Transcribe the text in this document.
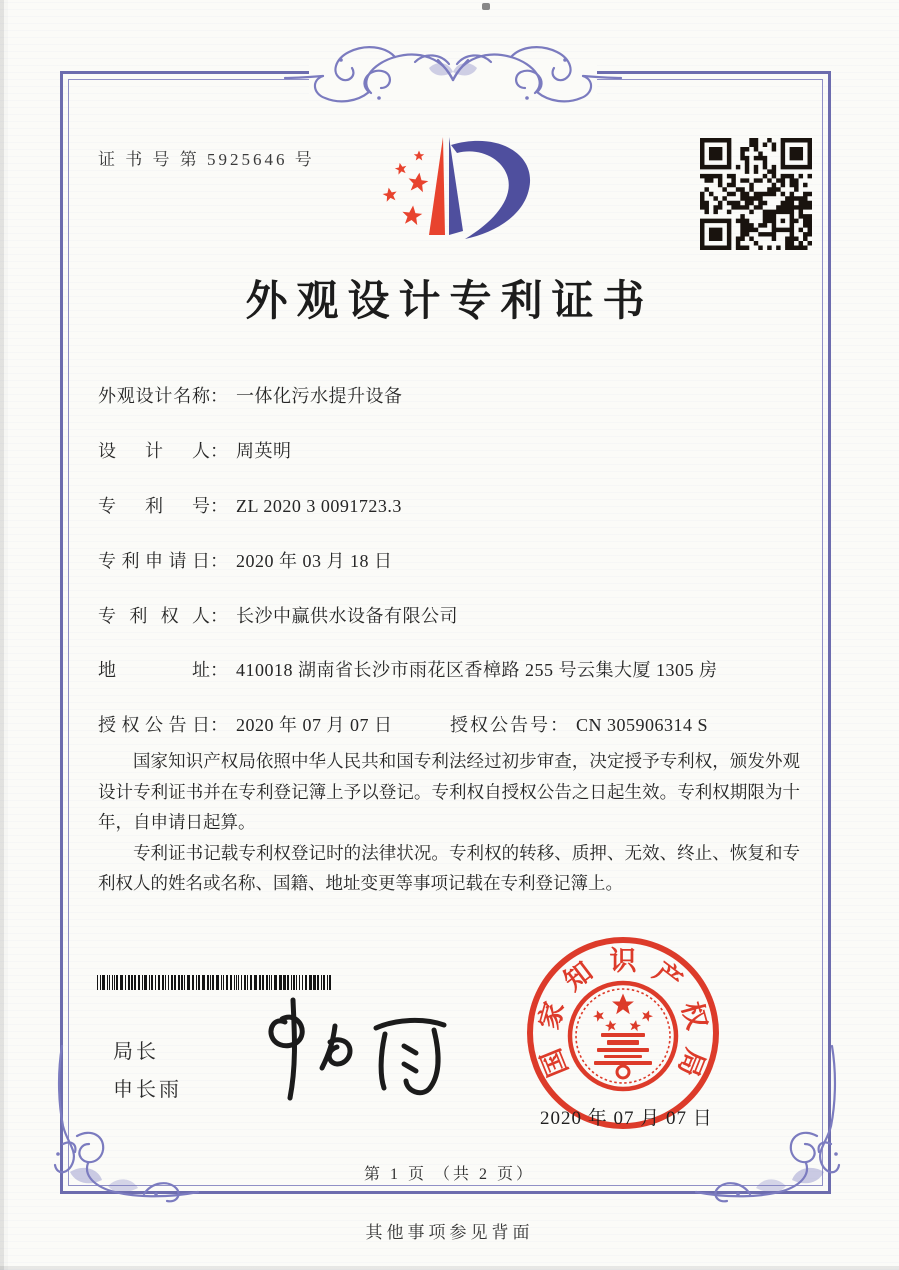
证 书 号 第 5925646 号
外观设计专利证书
外观设计名称： 一体化污水提升设备
设计人： 周英明
专利号： ZL 2020 3 0091723.3
专利申请日： 2020 年 03 月 18 日
专利权人： 长沙中赢供水设备有限公司
地址： 410018 湖南省长沙市雨花区香樟路 255 号云集大厦 1305 房
授权公告日： 2020 年 07 月 07 日	授权公告号： CN 305906314 S

国家知识产权局依照中华人民共和国专利法经过初步审查，决定授予专利权，颁发外观设计专利证书并在专利登记簿上予以登记。专利权自授权公告之日起生效。专利权期限为十年，自申请日起算。

专利证书记载专利权登记时的法律状况。专利权的转移、质押、无效、终止、恢复和专利权人的姓名或名称、国籍、地址变更等事项记载在专利登记簿上。

局长
申长雨
国
家
知 识 产
权
局
2020 年 07 月 07 日
第 1 页 （共 2 页）
其他事项参见背面
